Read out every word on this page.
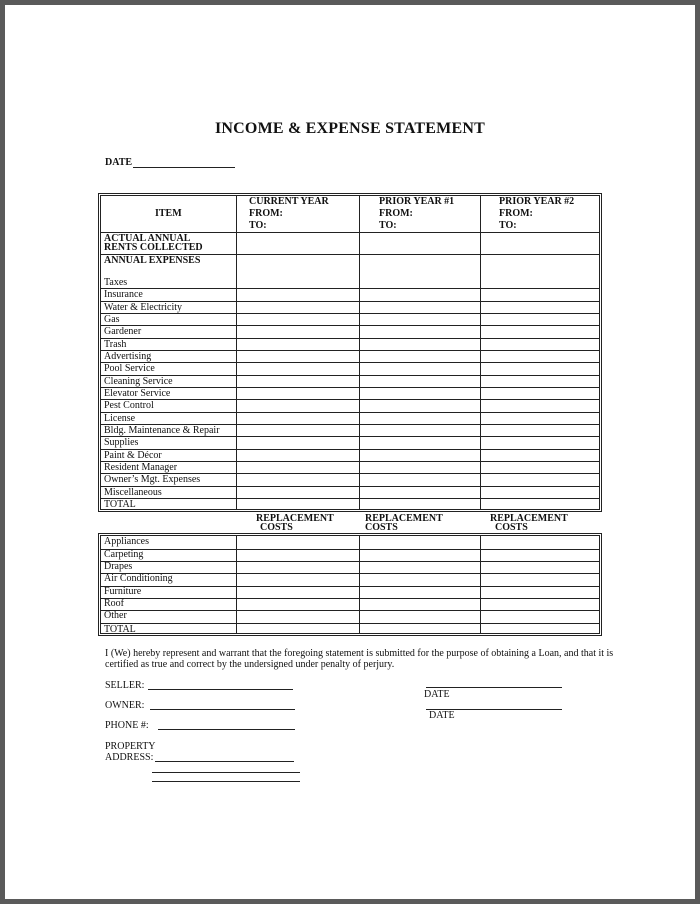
INCOME & EXPENSE STATEMENT
DATE
ITEM
CURRENT YEAR
FROM:
TO:
PRIOR YEAR #1
FROM:
TO:
PRIOR YEAR #2
FROM:
TO:
ACTUAL ANNUAL
RENTS COLLECTED
ANNUAL EXPENSES
Taxes
Insurance
Water & Electricity
Gas
Gardener
Trash
Advertising
Pool Service
Cleaning Service
Elevator Service
Pest Control
License
Bldg. Maintenance & Repair
Supplies
Paint & Décor
Resident Manager
Owner’s Mgt. Expenses
Miscellaneous
TOTAL
REPLACEMENT
COSTS
REPLACEMENT
COSTS
REPLACEMENT
COSTS
Appliances
Carpeting
Drapes
Air Conditioning
Furniture
Roof
Other
TOTAL
I (We) hereby represent and warrant that the foregoing statement is submitted for the purpose of obtaining a Loan, and that it is
certified as true and correct by the undersigned under penalty of perjury.
SELLER:
DATE
OWNER:
DATE
PHONE #:
PROPERTY
ADDRESS:
